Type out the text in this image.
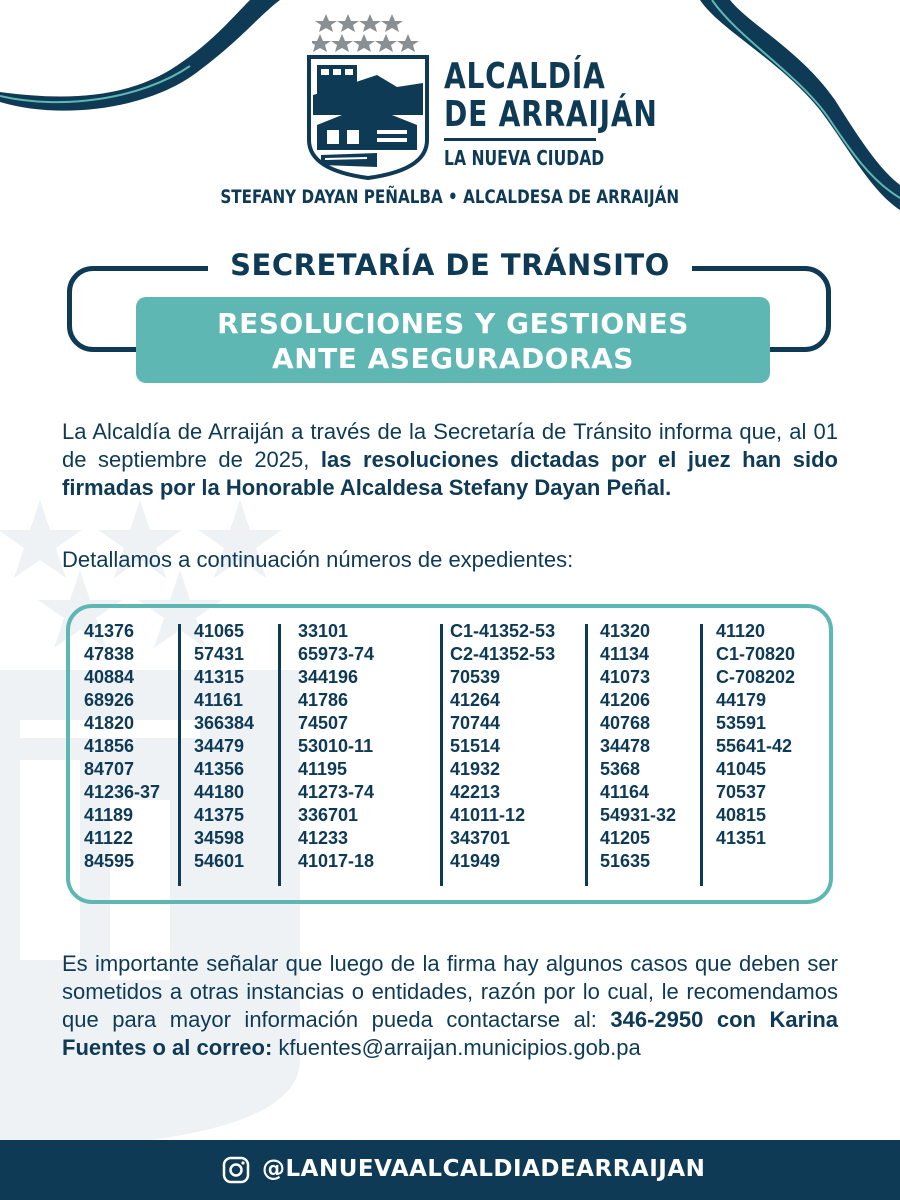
ALCALDÍA
DE ARRAIJÁN
LA NUEVA CIUDAD
STEFANY DAYAN PEÑALBA • ALCALDESA DE ARRAIJÁN
SECRETARÍA DE TRÁNSITO
RESOLUCIONES Y GESTIONES
ANTE ASEGURADORAS
La Alcaldía de Arraiján a través de la Secretaría de Tránsito informa que, al 01 de septiembre de 2025, las resoluciones dictadas por el juez han sido firmadas por la Honorable Alcaldesa Stefany Dayan Peñal.
Detallamos a continuación números de expedientes:
41376
47838
40884
68926
41820
41856
84707
41236-37
41189
41122
84595
41065
57431
41315
41161
366384
34479
41356
44180
41375
34598
54601
33101
65973-74
344196
41786
74507
53010-11
41195
41273-74
336701
41233
41017-18
C1-41352-53
C2-41352-53
70539
41264
70744
51514
41932
42213
41011-12
343701
41949
41320
41134
41073
41206
40768
34478
5368
41164
54931-32
41205
51635
41120
C1-70820
C-708202
44179
53591
55641-42
41045
70537
40815
41351
Es importante señalar que luego de la firma hay algunos casos que deben ser sometidos a otras instancias o entidades, razón por lo cual, le recomendamos que para mayor información pueda contactarse al: 346-2950 con Karina Fuentes o al correo: kfuentes@arraijan.municipios.gob.pa
@LANUEVAALCALDIADEARRAIJAN
